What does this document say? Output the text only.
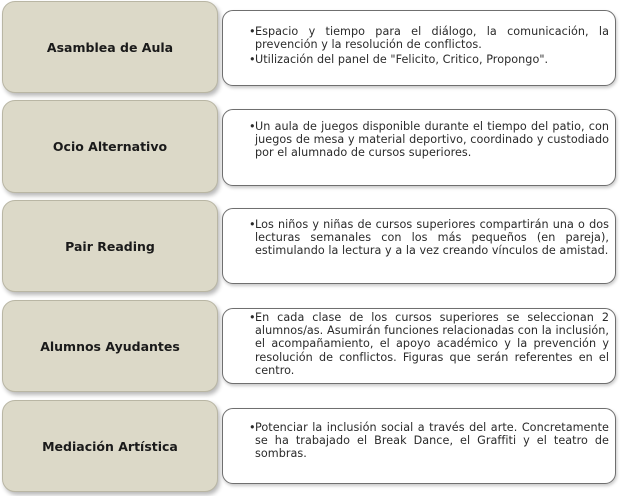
Asamblea de Aula
• Espacio y tiempo para el diálogo, la comunicación, la prevención y la resolución de conflictos.
• Utilización del panel de "Felicito, Critico, Propongo".
Ocio Alternativo
• Un aula de juegos disponible durante el tiempo del patio, con juegos de mesa y material deportivo, coordinado y custodiado por el alumnado de cursos superiores.
Pair Reading
• Los niños y niñas de cursos superiores compartirán una o dos lecturas semanales con los más pequeños (en pareja), estimulando la lectura y a la vez creando vínculos de amistad.
Alumnos Ayudantes
• En cada clase de los cursos superiores se seleccionan 2 alumnos/as. Asumirán funciones relacionadas con la inclusión, el acompañamiento, el apoyo académico y la prevención y resolución de conflictos. Figuras que serán referentes en el centro.
Mediación Artística
• Potenciar la inclusión social a través del arte. Concretamente se ha trabajado el Break Dance, el Graffiti y el teatro de sombras.
